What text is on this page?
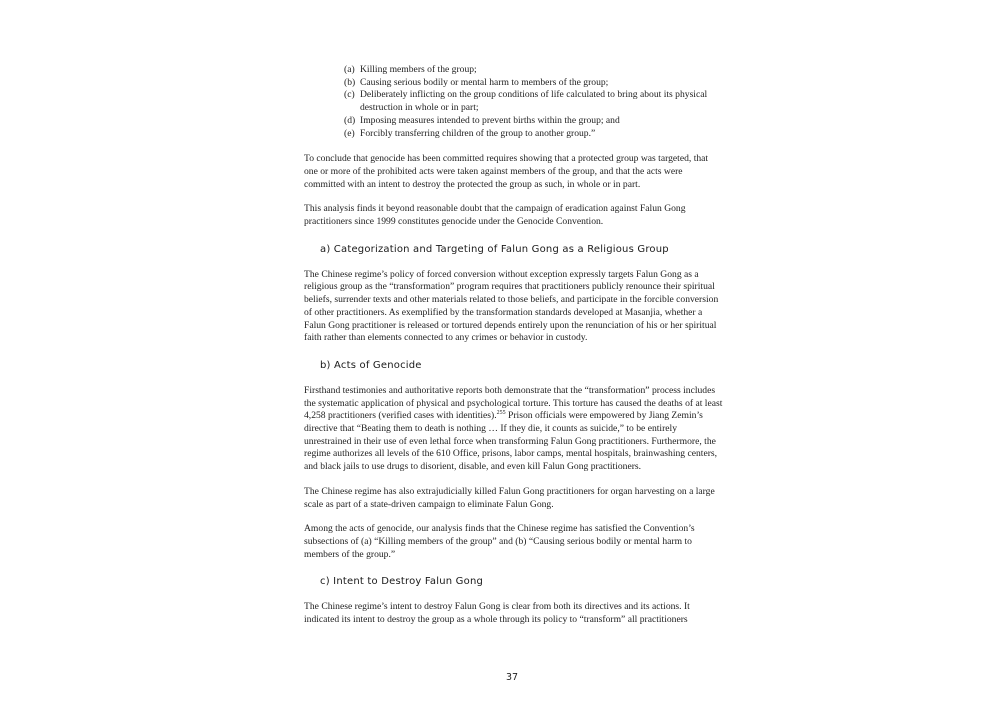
(a) Killing members of the group;
(b) Causing serious bodily or mental harm to members of the group;
(c) Deliberately inflicting on the group conditions of life calculated to bring about its physical destruction in whole or in part;
(d) Imposing measures intended to prevent births within the group; and
(e) Forcibly transferring children of the group to another group.”

To conclude that genocide has been committed requires showing that a protected group was targeted, that one or more of the prohibited acts were taken against members of the group, and that the acts were committed with an intent to destroy the protected the group as such, in whole or in part.

This analysis finds it beyond reasonable doubt that the campaign of eradication against Falun Gong practitioners since 1999 constitutes genocide under the Genocide Convention.

a) Categorization and Targeting of Falun Gong as a Religious Group

The Chinese regime’s policy of forced conversion without exception expressly targets Falun Gong as a religious group as the “transformation” program requires that practitioners publicly renounce their spiritual beliefs, surrender texts and other materials related to those beliefs, and participate in the forcible conversion of other practitioners. As exemplified by the transformation standards developed at Masanjia, whether a Falun Gong practitioner is released or tortured depends entirely upon the renunciation of his or her spiritual faith rather than elements connected to any crimes or behavior in custody.

b) Acts of Genocide

Firsthand testimonies and authoritative reports both demonstrate that the “transformation” process includes the systematic application of physical and psychological torture. This torture has caused the deaths of at least 4,258 practitioners (verified cases with identities).$^{255}$ Prison officials were empowered by Jiang Zemin’s directive that “Beating them to death is nothing … If they die, it counts as suicide,” to be entirely unrestrained in their use of even lethal force when transforming Falun Gong practitioners. Furthermore, the regime authorizes all levels of the 610 Office, prisons, labor camps, mental hospitals, brainwashing centers, and black jails to use drugs to disorient, disable, and even kill Falun Gong practitioners.

The Chinese regime has also extrajudicially killed Falun Gong practitioners for organ harvesting on a large scale as part of a state-driven campaign to eliminate Falun Gong.

Among the acts of genocide, our analysis finds that the Chinese regime has satisfied the Convention’s subsections of (a) “Killing members of the group” and (b) “Causing serious bodily or mental harm to members of the group.”

c) Intent to Destroy Falun Gong

The Chinese regime’s intent to destroy Falun Gong is clear from both its directives and its actions. It indicated its intent to destroy the group as a whole through its policy to “transform” all practitioners

37
